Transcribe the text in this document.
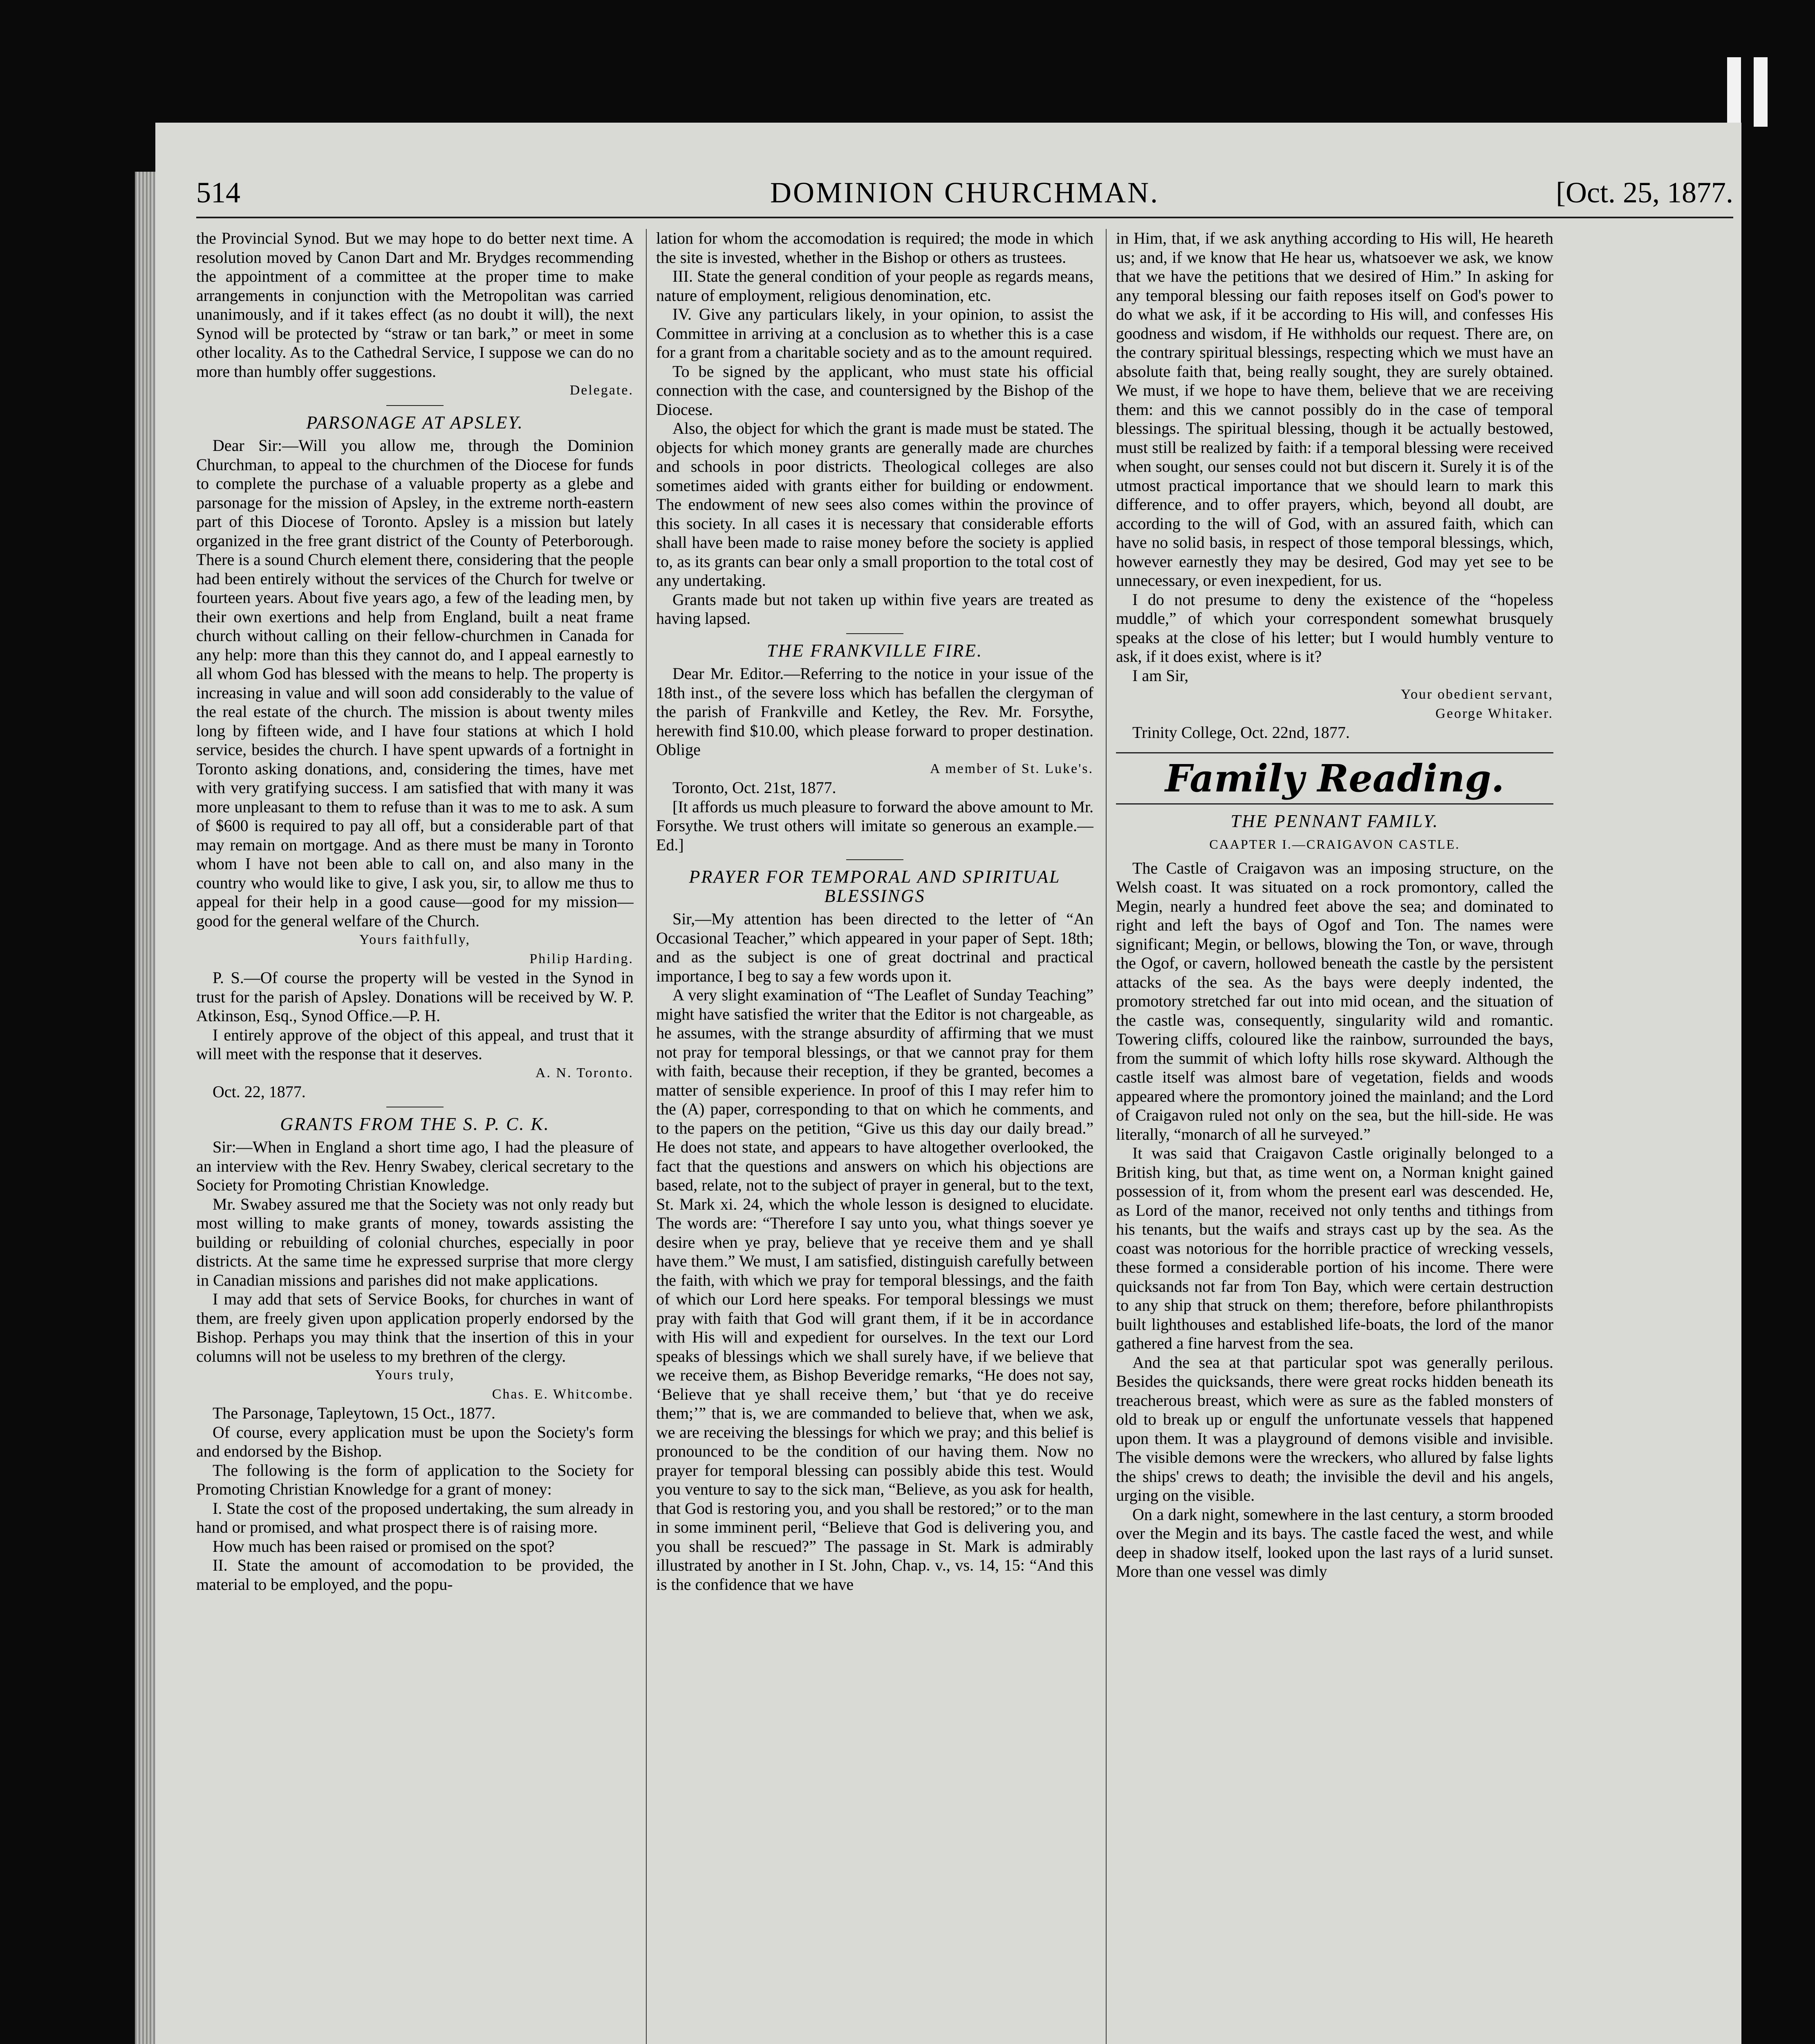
514	DOMINION CHURCHMAN.	[Oct. 25, 1877.

the Provincial Synod. But we may hope to do better next time. A resolution moved by Canon Dart and Mr. Brydges recommending the appointment of a committee at the proper time to make arrangements in conjunction with the Metropolitan was carried unanimously, and if it takes effect (as no doubt it will), the next Synod will be protected by “straw or tan bark,” or meet in some other locality. As to the Cathedral Service, I suppose we can do no more than humbly offer suggestions.

Delegate.
PARSONAGE AT APSLEY.

Dear Sir:—Will you allow me, through the Dominion Churchman, to appeal to the churchmen of the Diocese for funds to complete the purchase of a valuable property as a glebe and parsonage for the mission of Apsley, in the extreme north-eastern part of this Diocese of Toronto. Apsley is a mission but lately organized in the free grant district of the County of Peterborough. There is a sound Church element there, considering that the people had been entirely without the services of the Church for twelve or fourteen years. About five years ago, a few of the leading men, by their own exertions and help from England, built a neat frame church without calling on their fellow-churchmen in Canada for any help: more than this they cannot do, and I appeal earnestly to all whom God has blessed with the means to help. The property is increasing in value and will soon add considerably to the value of the real estate of the church. The mission is about twenty miles long by fifteen wide, and I have four stations at which I hold service, besides the church. I have spent upwards of a fortnight in Toronto asking donations, and, considering the times, have met with very gratifying success. I am satisfied that with many it was more unpleasant to them to refuse than it was to me to ask. A sum of $600 is required to pay all off, but a considerable part of that may remain on mortgage. And as there must be many in Toronto whom I have not been able to call on, and also many in the country who would like to give, I ask you, sir, to allow me thus to appeal for their help in a good cause—good for my mission—good for the general welfare of the Church.

Yours faithfully,
Philip Harding.

P. S.—Of course the property will be vested in the Synod in trust for the parish of Apsley. Donations will be received by W. P. Atkinson, Esq., Synod Office.—P. H.

I entirely approve of the object of this appeal, and trust that it will meet with the response that it deserves.

A. N. Toronto.

Oct. 22, 1877.

GRANTS FROM THE S. P. C. K.

Sir:—When in England a short time ago, I had the pleasure of an interview with the Rev. Henry Swabey, clerical secretary to the Society for Promoting Christian Knowledge.

Mr. Swabey assured me that the Society was not only ready but most willing to make grants of money, towards assisting the building or rebuilding of colonial churches, especially in poor districts. At the same time he expressed surprise that more clergy in Canadian missions and parishes did not make applications.

I may add that sets of Service Books, for churches in want of them, are freely given upon application properly endorsed by the Bishop. Perhaps you may think that the insertion of this in your columns will not be useless to my brethren of the clergy.

Yours truly,
Chas. E. Whitcombe.

The Parsonage, Tapleytown, 15 Oct., 1877.

Of course, every application must be upon the Society's form and endorsed by the Bishop.

The following is the form of application to the Society for Promoting Christian Knowledge for a grant of money:

I. State the cost of the proposed undertaking, the sum already in hand or promised, and what prospect there is of raising more.

How much has been raised or promised on the spot?

II. State the amount of accomodation to be provided, the material to be employed, and the popu-

lation for whom the accomodation is required; the mode in which the site is invested, whether in the Bishop or others as trustees.

III. State the general condition of your people as regards means, nature of employment, religious denomination, etc.

IV. Give any particulars likely, in your opinion, to assist the Committee in arriving at a conclusion as to whether this is a case for a grant from a charitable society and as to the amount required.

To be signed by the applicant, who must state his official connection with the case, and countersigned by the Bishop of the Diocese.

Also, the object for which the grant is made must be stated. The objects for which money grants are generally made are churches and schools in poor districts. Theological colleges are also sometimes aided with grants either for building or endowment. The endowment of new sees also comes within the province of this society. In all cases it is necessary that considerable efforts shall have been made to raise money before the society is applied to, as its grants can bear only a small proportion to the total cost of any undertaking.

Grants made but not taken up within five years are treated as having lapsed.

THE FRANKVILLE FIRE.

Dear Mr. Editor.—Referring to the notice in your issue of the 18th inst., of the severe loss which has befallen the clergyman of the parish of Frankville and Ketley, the Rev. Mr. Forsythe, herewith find $10.00, which please forward to proper destination. Oblige

A member of St. Luke's.

Toronto, Oct. 21st, 1877.

[It affords us much pleasure to forward the above amount to Mr. Forsythe. We trust others will imitate so generous an example.—Ed.]

PRAYER FOR TEMPORAL AND SPIRITUAL BLESSINGS

Sir,—My attention has been directed to the letter of “An Occasional Teacher,” which appeared in your paper of Sept. 18th; and as the subject is one of great doctrinal and practical importance, I beg to say a few words upon it.

A very slight examination of “The Leaflet of Sunday Teaching” might have satisfied the writer that the Editor is not chargeable, as he assumes, with the strange absurdity of affirming that we must not pray for temporal blessings, or that we cannot pray for them with faith, because their reception, if they be granted, becomes a matter of sensible experience. In proof of this I may refer him to the (A) paper, corresponding to that on which he comments, and to the papers on the petition, “Give us this day our daily bread.” He does not state, and appears to have altogether overlooked, the fact that the questions and answers on which his objections are based, relate, not to the subject of prayer in general, but to the text, St. Mark xi. 24, which the whole lesson is designed to elucidate. The words are: “Therefore I say unto you, what things soever ye desire when ye pray, believe that ye receive them and ye shall have them.” We must, I am satisfied, distinguish carefully between the faith, with which we pray for temporal blessings, and the faith of which our Lord here speaks. For temporal blessings we must pray with faith that God will grant them, if it be in accordance with His will and expedient for ourselves. In the text our Lord speaks of blessings which we shall surely have, if we believe that we receive them, as Bishop Beveridge remarks, “He does not say, ‘Believe that ye shall receive them,’ but ‘that ye do receive them;’” that is, we are commanded to believe that, when we ask, we are receiving the blessings for which we pray; and this belief is pronounced to be the condition of our having them. Now no prayer for temporal blessing can possibly abide this test. Would you venture to say to the sick man, “Believe, as you ask for health, that God is restoring you, and you shall be restored;” or to the man in some imminent peril, “Believe that God is delivering you, and you shall be rescued?” The passage in St. Mark is admirably illustrated by another in I St. John, Chap. v., vs. 14, 15: “And this is the confidence that we have

in Him, that, if we ask anything according to His will, He heareth us; and, if we know that He hear us, whatsoever we ask, we know that we have the petitions that we desired of Him.” In asking for any temporal blessing our faith reposes itself on God's power to do what we ask, if it be according to His will, and confesses His goodness and wisdom, if He withholds our request. There are, on the contrary spiritual blessings, respecting which we must have an absolute faith that, being really sought, they are surely obtained. We must, if we hope to have them, believe that we are receiving them: and this we cannot possibly do in the case of temporal blessings. The spiritual blessing, though it be actually bestowed, must still be realized by faith: if a temporal blessing were received when sought, our senses could not but discern it. Surely it is of the utmost practical importance that we should learn to mark this difference, and to offer prayers, which, beyond all doubt, are according to the will of God, with an assured faith, which can have no solid basis, in respect of those temporal blessings, which, however earnestly they may be desired, God may yet see to be unnecessary, or even inexpedient, for us.

I do not presume to deny the existence of the “hopeless muddle,” of which your correspondent somewhat brusquely speaks at the close of his letter; but I would humbly venture to ask, if it does exist, where is it?

I am Sir,

Your obedient servant,
George Whitaker.

Trinity College, Oct. 22nd, 1877.

Family Reading.
THE PENNANT FAMILY.
CAAPTER I.—CRAIGAVON CASTLE.

The Castle of Craigavon was an imposing structure, on the Welsh coast. It was situated on a rock promontory, called the Megin, nearly a hundred feet above the sea; and dominated to right and left the bays of Ogof and Ton. The names were significant; Megin, or bellows, blowing the Ton, or wave, through the Ogof, or cavern, hollowed beneath the castle by the persistent attacks of the sea. As the bays were deeply indented, the promotory stretched far out into mid ocean, and the situation of the castle was, consequently, singularity wild and romantic. Towering cliffs, coloured like the rainbow, surrounded the bays, from the summit of which lofty hills rose skyward. Although the castle itself was almost bare of vegetation, fields and woods appeared where the promontory joined the mainland; and the Lord of Craigavon ruled not only on the sea, but the hill-side. He was literally, “monarch of all he surveyed.”

It was said that Craigavon Castle originally belonged to a British king, but that, as time went on, a Norman knight gained possession of it, from whom the present earl was descended. He, as Lord of the manor, received not only tenths and tithings from his tenants, but the waifs and strays cast up by the sea. As the coast was notorious for the horrible practice of wrecking vessels, these formed a considerable portion of his income. There were quicksands not far from Ton Bay, which were certain destruction to any ship that struck on them; therefore, before philanthropists built lighthouses and established life-boats, the lord of the manor gathered a fine harvest from the sea.

And the sea at that particular spot was generally perilous. Besides the quicksands, there were great rocks hidden beneath its treacherous breast, which were as sure as the fabled monsters of old to break up or engulf the unfortunate vessels that happened upon them. It was a playground of demons visible and invisible. The visible demons were the wreckers, who allured by false lights the ships' crews to death; the invisible the devil and his angels, urging on the visible.

On a dark night, somewhere in the last century, a storm brooded over the Megin and its bays. The castle faced the west, and while deep in shadow itself, looked upon the last rays of a lurid sunset. More than one vessel was dimly
